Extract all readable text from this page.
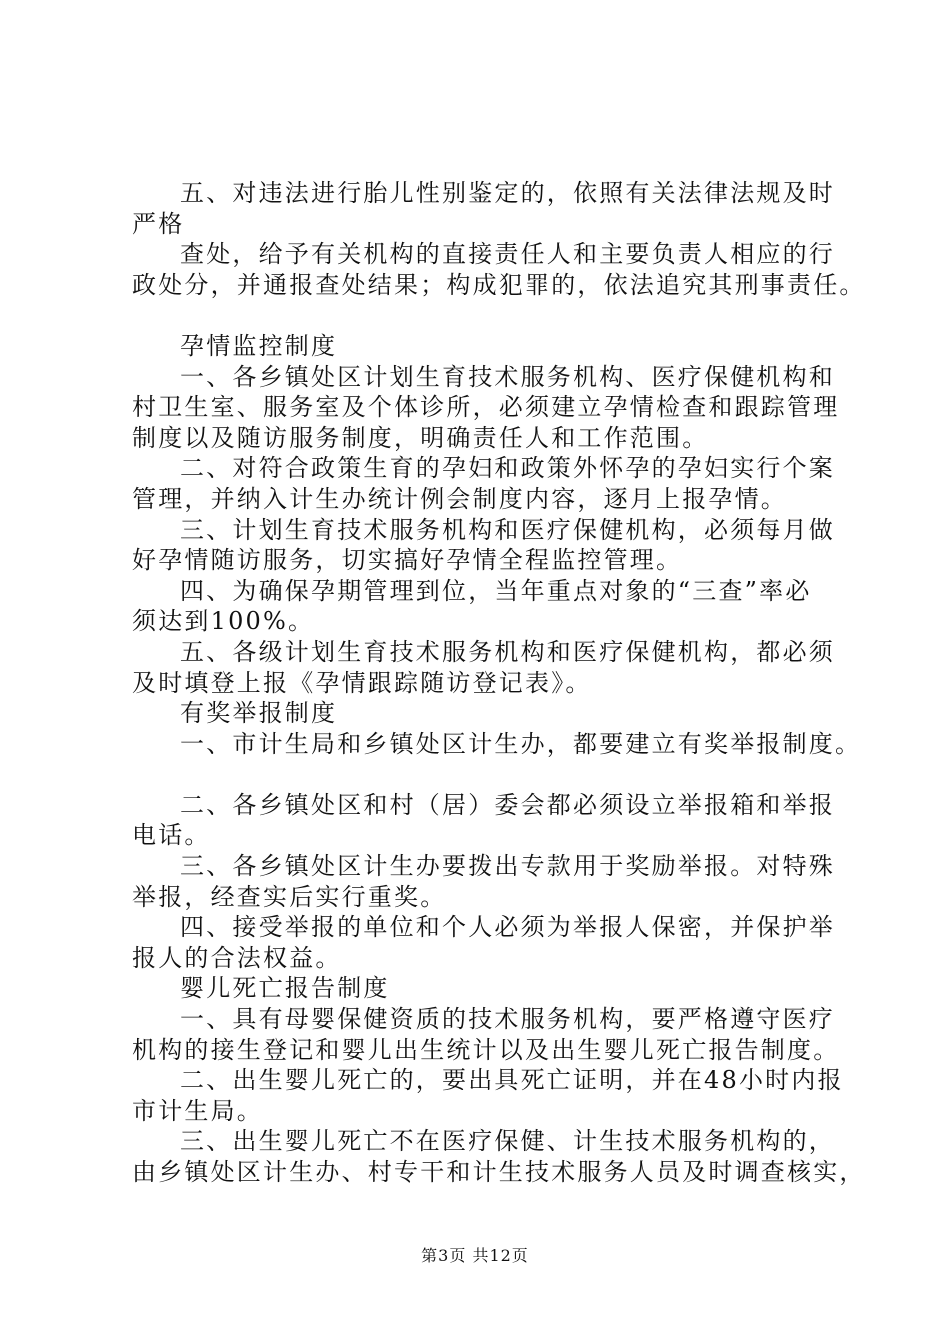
五、对违法进行胎儿性别鉴定的，依照有关法律法规及时
严格
查处，给予有关机构的直接责任人和主要负责人相应的行
政处分，并通报查处结果；构成犯罪的，依法追究其刑事责任。
孕情监控制度
一、各乡镇处区计划生育技术服务机构、医疗保健机构和
村卫生室、服务室及个体诊所，必须建立孕情检查和跟踪管理
制度以及随访服务制度，明确责任人和工作范围。
二、对符合政策生育的孕妇和政策外怀孕的孕妇实行个案
管理，并纳入计生办统计例会制度内容，逐月上报孕情。
三、计划生育技术服务机构和医疗保健机构，必须每月做
好孕情随访服务，切实搞好孕情全程监控管理。
四、为确保孕期管理到位，当年重点对象的“三查”率必
须达到100%。
五、各级计划生育技术服务机构和医疗保健机构，都必须
及时填登上报《孕情跟踪随访登记表》。
有奖举报制度
一、市计生局和乡镇处区计生办，都要建立有奖举报制度。
二、各乡镇处区和村（居）委会都必须设立举报箱和举报
电话。
三、各乡镇处区计生办要拨出专款用于奖励举报。对特殊
举报，经查实后实行重奖。
四、接受举报的单位和个人必须为举报人保密，并保护举
报人的合法权益。
婴儿死亡报告制度
一、具有母婴保健资质的技术服务机构，要严格遵守医疗
机构的接生登记和婴儿出生统计以及出生婴儿死亡报告制度。
二、出生婴儿死亡的，要出具死亡证明，并在48小时内报
市计生局。
三、出生婴儿死亡不在医疗保健、计生技术服务机构的，
由乡镇处区计生办、村专干和计生技术服务人员及时调查核实，
第3页 共12页
